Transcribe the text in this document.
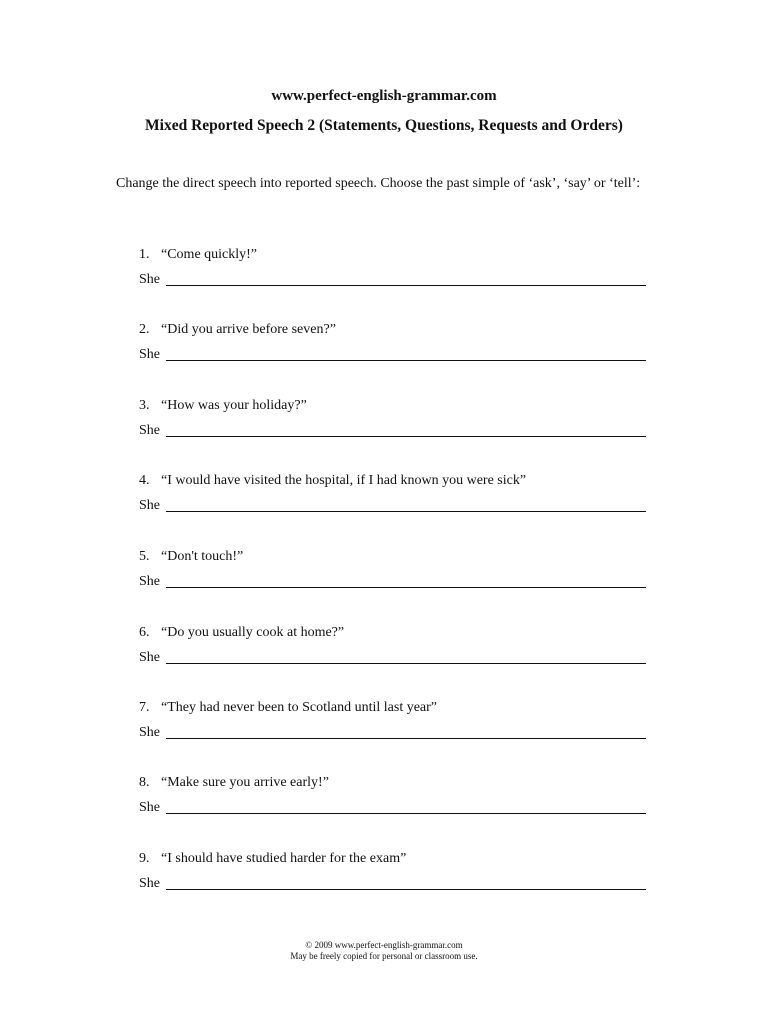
www.perfect-english-grammar.com
Mixed Reported Speech 2 (Statements, Questions, Requests and Orders)
Change the direct speech into reported speech. Choose the past simple of ‘ask’, ‘say’ or ‘tell’:
1. “Come quickly!”
She
2. “Did you arrive before seven?”
She
3. “How was your holiday?”
She
4. “I would have visited the hospital, if I had known you were sick”
She
5. “Don't touch!”
She
6. “Do you usually cook at home?”
She
7. “They had never been to Scotland until last year”
She
8. “Make sure you arrive early!”
She
9. “I should have studied harder for the exam”
She
© 2009 www.perfect-english-grammar.com
May be freely copied for personal or classroom use.
